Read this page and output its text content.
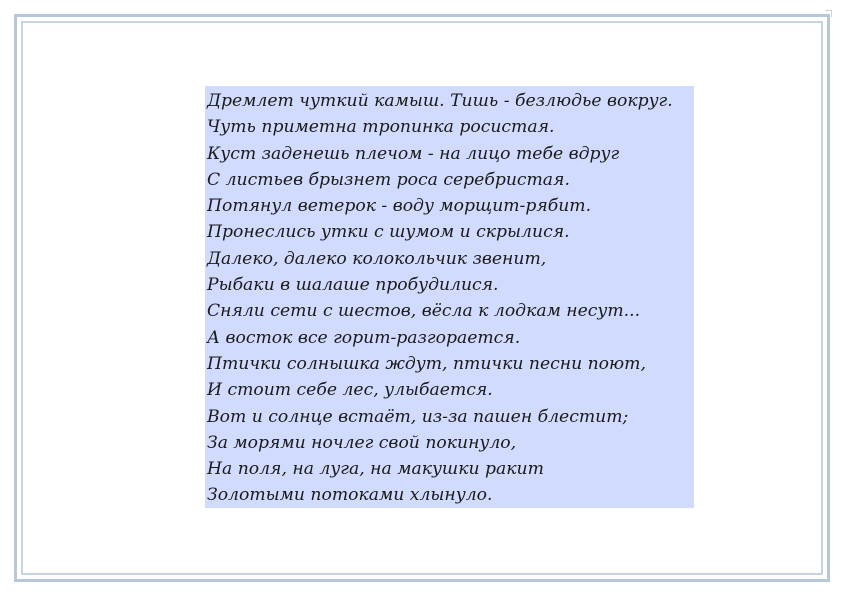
Дремлет чуткий камыш. Тишь - безлюдье вокруг.
Чуть приметна тропинка росистая.
Куст заденешь плечом - на лицо тебе вдруг
С листьев брызнет роса серебристая.
Потянул ветерок - воду морщит-рябит.
Пронеслись утки с шумом и скрылися.
Далеко, далеко колокольчик звенит,
Рыбаки в шалаше пробудилися.
Сняли сети с шестов, вёсла к лодкам несут...
А восток все горит-разгорается.
Птички солнышка ждут, птички песни поют,
И стоит себе лес, улыбается.
Вот и солнце встаёт, из-за пашен блестит;
За морями ночлег свой покинуло,
На поля, на луга, на макушки ракит
Золотыми потоками хлынуло.
